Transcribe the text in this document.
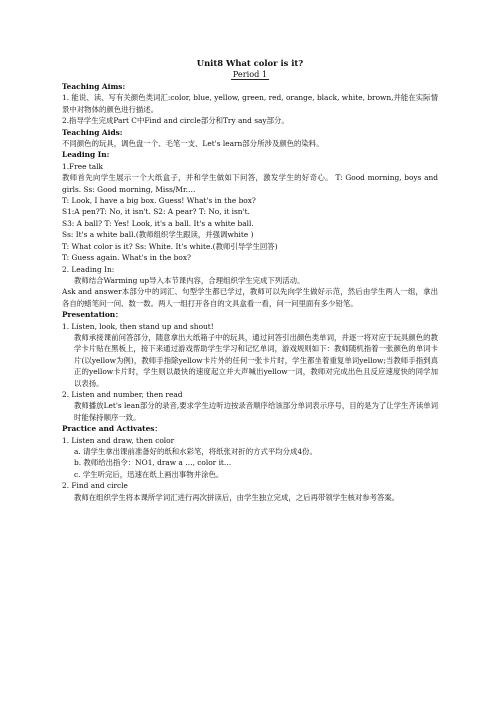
Unit8 What color is it?
Period 1
Teaching Aims:
1. 能说、读、写有关颜色类词汇:color, blue, yellow, green, red, orange, black, white, brown,并能在实际情景中对物体的颜色进行描述。
2.指导学生完成Part C中Find and circle部分和Try and say部分。
Teaching Aids:
不同颜色的玩具，调色盘一个、毛笔一支、Let's learn部分所涉及颜色的染料。
Leading In:
1.Free talk
教师首先向学生展示一个大纸盒子，并和学生做如下问答，激发学生的好奇心。 T: Good morning, boys and girls. Ss: Good morning, Miss/Mr.…
T: Look, I have a big box. Guess! What's in the box?
S1:A pen?T: No, it isn't. S2: A pear? T: No, it isn't.
S3: A ball? T: Yes! Look, it's a ball. It's a white ball.
Ss: It's a white ball.(教师组织学生跟读，并强调white )
T: What color is it? Ss: White. It's white.(教师引导学生回答)
T: Guess again. What's in the box?
2. Leading In:
教师结合Warming up导入本节课内容，合理组织学生完成下列活动。
Ask and answer本部分中的词汇、句型学生都已学过，教师可以先向学生做好示范，然后由学生两人一组，拿出各自的蜡笔问一问、数一数。两人一组打开各自的文具盒看一看，问一问里面有多少铅笔。
Presentation：
1. Listen, look, then stand up and shout!
教师承接课前问答部分，随意拿出大纸箱子中的玩具，通过问答引出颜色类单词，并逐一将对应于玩具颜色的教学卡片贴在黑板上，接下来通过游戏帮助学生学习和记忆单词，游戏规则如下：教师随机指着一张颜色的单词卡片(以yellow为例)，教师手指除yellow卡片外的任何一张卡片时，学生都坐着重复单词yellow;当教师手指到真正的yellow卡片时，学生则以最快的速度起立并大声喊出yellow一词，教师对完成出色且反应速度快的同学加以表扬。
2. Listen and number, then read
教师播放Let's lean部分的录音,要求学生边听边按录音顺序给该部分单词表示序号，目的是为了让学生齐读单词时能保持顺序一致。
Practice and Activates：
1. Listen and draw, then color
a. 请学生拿出课前准备好的纸和水彩笔，将纸张对折的方式平均分成4份。
b. 教师给出指令：NO1, draw a …, color it…
c. 学生听完后，迅速在纸上画出事物并涂色。
2. Find and circle
教师在组织学生将本课所学词汇进行再次拼读后，由学生独立完成，之后再带领学生核对参考答案。
